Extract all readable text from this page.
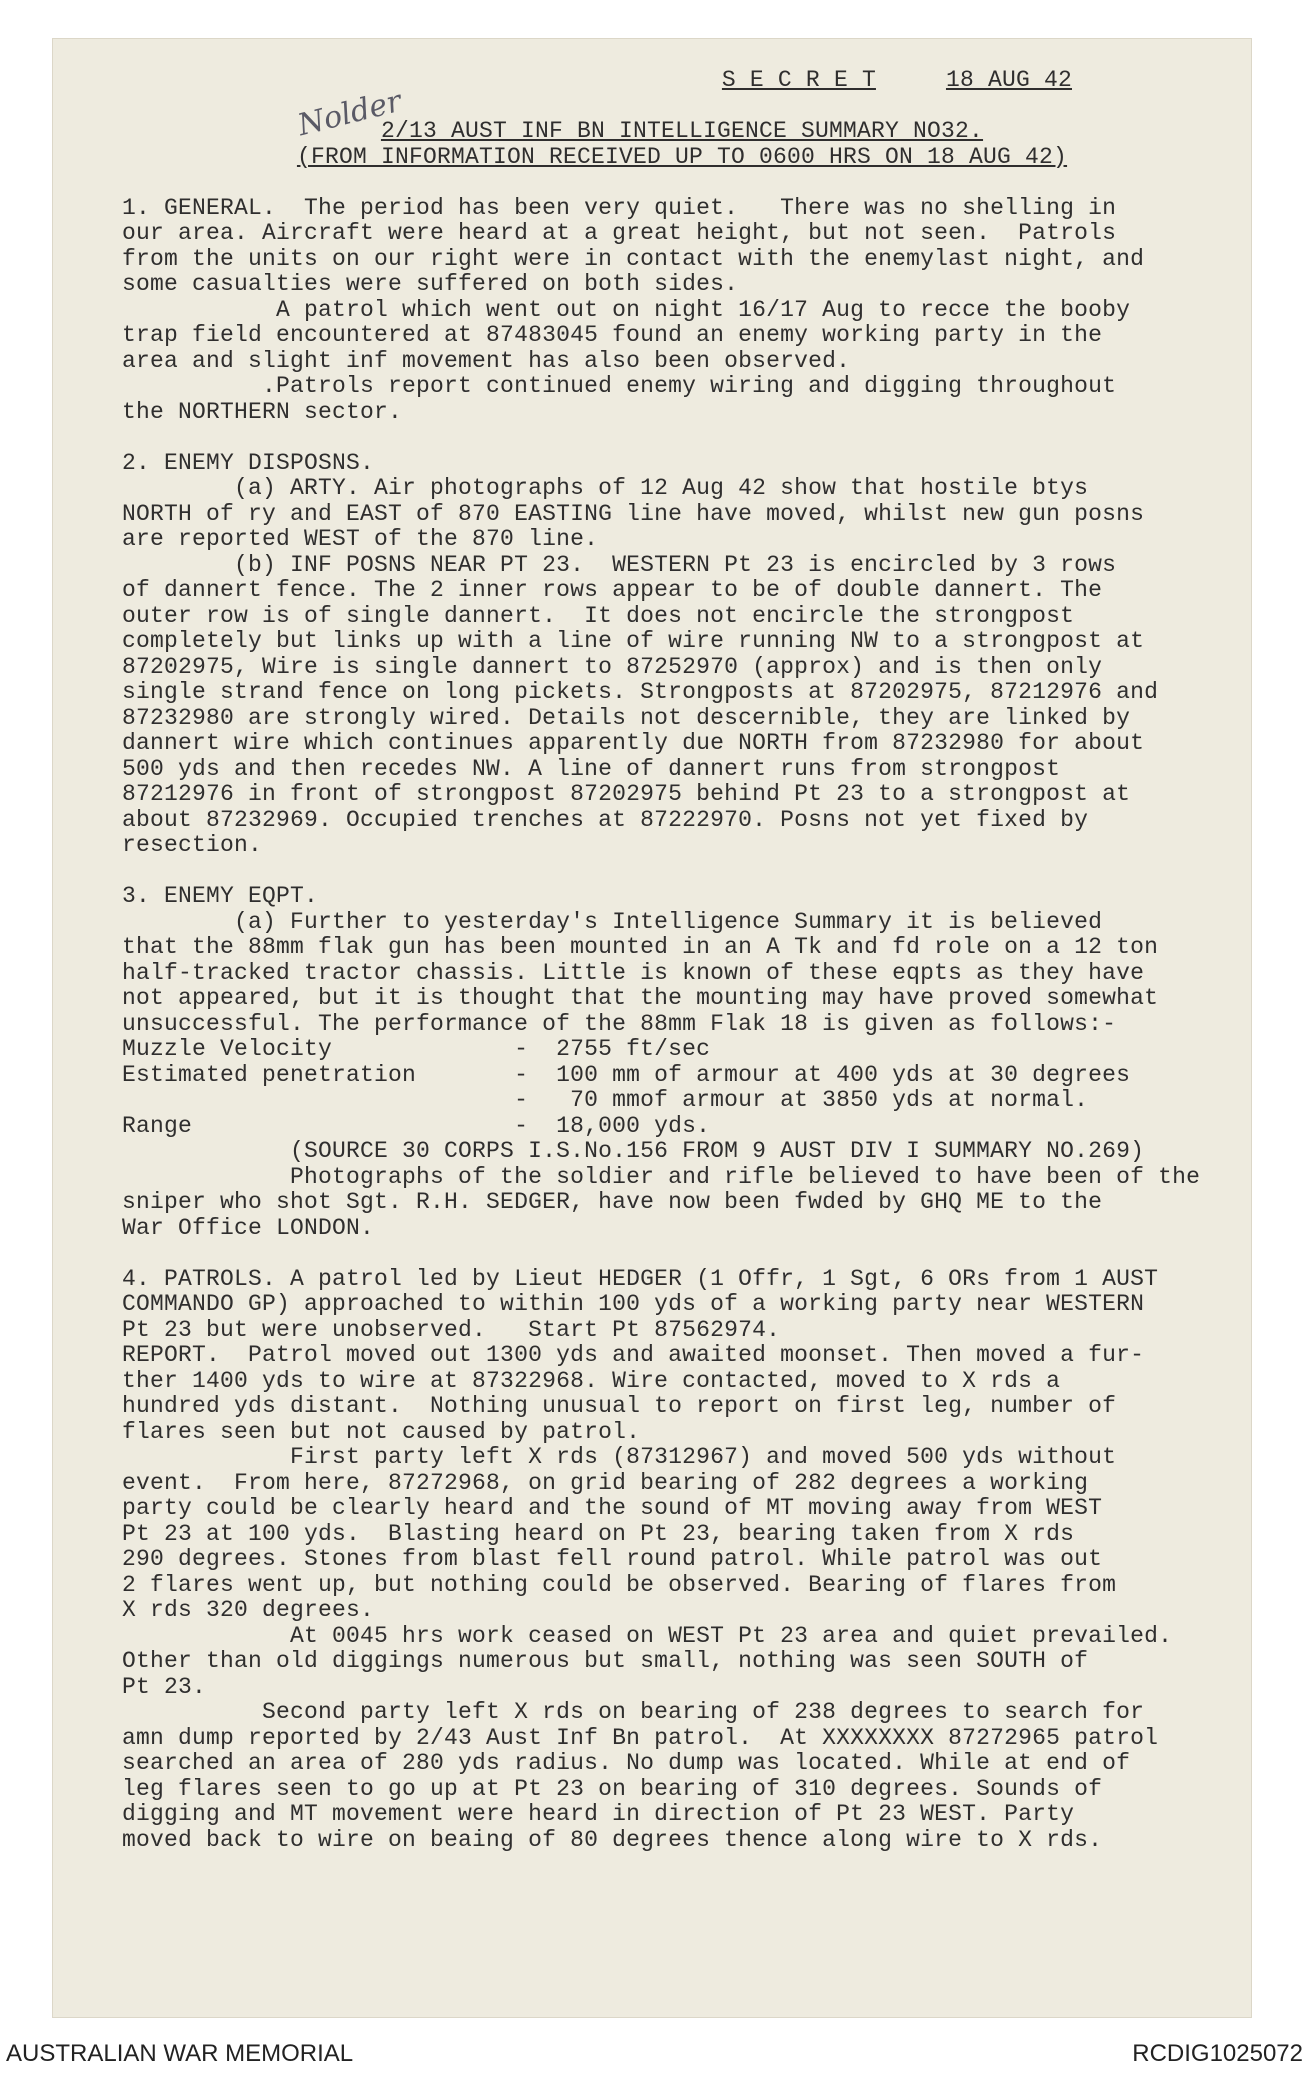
Nolder
S E C R E T	18 AUG 42
2/13 AUST INF BN INTELLIGENCE SUMMARY NO32.
(FROM INFORMATION RECEIVED UP TO 0600 HRS ON 18 AUG 42)
1. GENERAL.  The period has been very quiet.   There was no shelling in
our area. Aircraft were heard at a great height, but not seen.  Patrols
from the units on our right were in contact with the enemylast night, and
some casualties were suffered on both sides.
A patrol which went out on night 16/17 Aug to recce the booby
trap field encountered at 87483045 found an enemy working party in the
area and slight inf movement has also been observed.
.Patrols report continued enemy wiring and digging throughout
the NORTHERN sector.
2. ENEMY DISPOSNS.
(a) ARTY. Air photographs of 12 Aug 42 show that hostile btys
NORTH of ry and EAST of 870 EASTING line have moved, whilst new gun posns
are reported WEST of the 870 line.
(b) INF POSNS NEAR PT 23.  WESTERN Pt 23 is encircled by 3 rows
of dannert fence. The 2 inner rows appear to be of double dannert. The
outer row is of single dannert.  It does not encircle the strongpost
completely but links up with a line of wire running NW to a strongpost at
87202975, Wire is single dannert to 87252970 (approx) and is then only
single strand fence on long pickets. Strongposts at 87202975, 87212976 and
87232980 are strongly wired. Details not descernible, they are linked by
dannert wire which continues apparently due NORTH from 87232980 for about
500 yds and then recedes NW. A line of dannert runs from strongpost
87212976 in front of strongpost 87202975 behind Pt 23 to a strongpost at
about 87232969. Occupied trenches at 87222970. Posns not yet fixed by
resection.
3. ENEMY EQPT.
(a) Further to yesterday's Intelligence Summary it is believed
that the 88mm flak gun has been mounted in an A Tk and fd role on a 12 ton
half-tracked tractor chassis. Little is known of these eqpts as they have
not appeared, but it is thought that the mounting may have proved somewhat
unsuccessful. The performance of the 88mm Flak 18 is given as follows:-
Muzzle Velocity             -  2755 ft/sec
Estimated penetration       -  100 mm of armour at 400 yds at 30 degrees
-   70 mmof armour at 3850 yds at normal.
Range                       -  18,000 yds.
(SOURCE 30 CORPS I.S.No.156 FROM 9 AUST DIV I SUMMARY NO.269)
Photographs of the soldier and rifle believed to have been of the
sniper who shot Sgt. R.H. SEDGER, have now been fwded by GHQ ME to the
War Office LONDON.
4. PATROLS. A patrol led by Lieut HEDGER (1 Offr, 1 Sgt, 6 ORs from 1 AUST
COMMANDO GP) approached to within 100 yds of a working party near WESTERN
Pt 23 but were unobserved.   Start Pt 87562974.
REPORT.  Patrol moved out 1300 yds and awaited moonset. Then moved a fur-
ther 1400 yds to wire at 87322968. Wire contacted, moved to X rds a
hundred yds distant.  Nothing unusual to report on first leg, number of
flares seen but not caused by patrol.
First party left X rds (87312967) and moved 500 yds without
event.  From here, 87272968, on grid bearing of 282 degrees a working
party could be clearly heard and the sound of MT moving away from WEST
Pt 23 at 100 yds.  Blasting heard on Pt 23, bearing taken from X rds
290 degrees. Stones from blast fell round patrol. While patrol was out
2 flares went up, but nothing could be observed. Bearing of flares from
X rds 320 degrees.
At 0045 hrs work ceased on WEST Pt 23 area and quiet prevailed.
Other than old diggings numerous but small, nothing was seen SOUTH of
Pt 23.
Second party left X rds on bearing of 238 degrees to search for
amn dump reported by 2/43 Aust Inf Bn patrol.  At XXXXXXXX 87272965 patrol
searched an area of 280 yds radius. No dump was located. While at end of
leg flares seen to go up at Pt 23 on bearing of 310 degrees. Sounds of
digging and MT movement were heard in direction of Pt 23 WEST. Party
moved back to wire on beaing of 80 degrees thence along wire to X rds.
AUSTRALIAN WAR MEMORIAL	RCDIG1025072
